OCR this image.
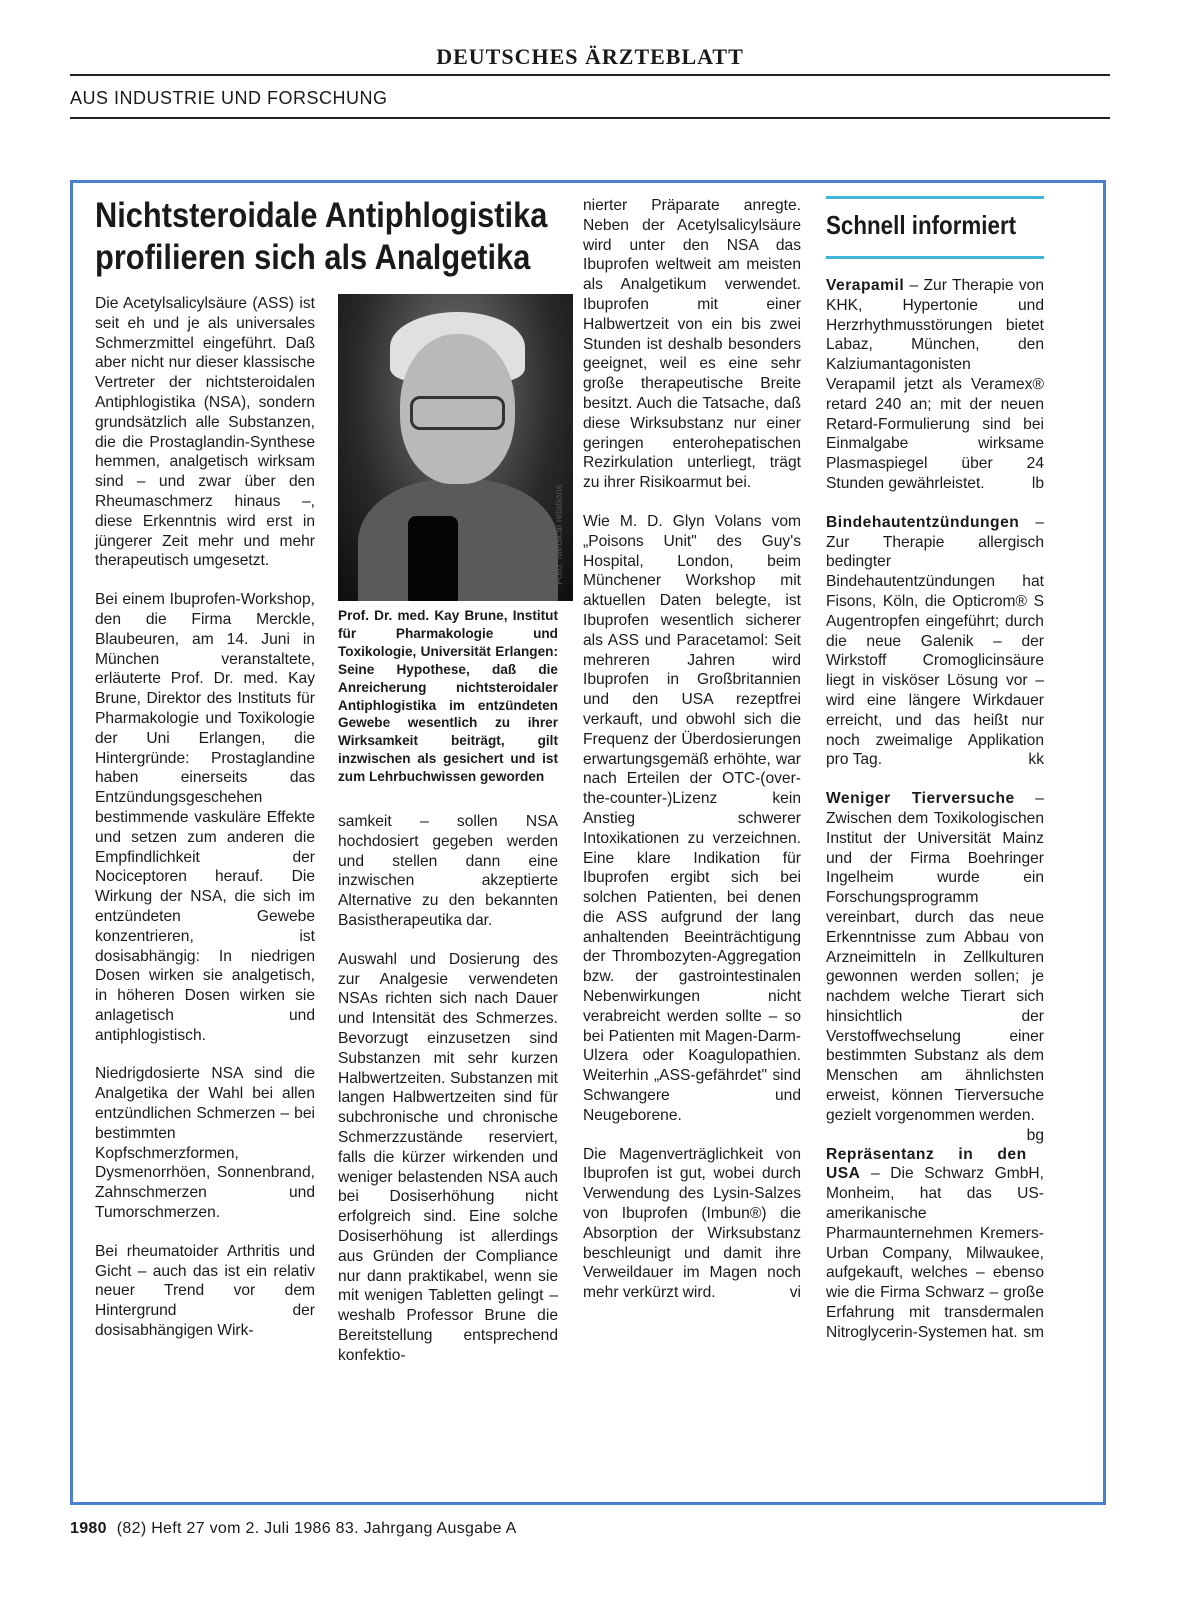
DEUTSCHES ÄRZTEBLATT
AUS INDUSTRIE UND FORSCHUNG
Nichtsteroidale Antiphlogistika profilieren sich als Analgetika

Die Acetylsalicylsäure (ASS) ist seit eh und je als universales Schmerzmittel eingeführt. Daß aber nicht nur dieser klassische Vertreter der nichtsteroidalen Antiphlogistika (NSA), sondern grundsätzlich alle Substanzen, die die Prostaglandin-Synthese hemmen, analgetisch wirksam sind – und zwar über den Rheumaschmerz hinaus –, diese Erkenntnis wird erst in jüngerer Zeit mehr und mehr therapeutisch umgesetzt.

Bei einem Ibuprofen-Workshop, den die Firma Merckle, Blaubeuren, am 14. Juni in München veranstaltete, erläuterte Prof. Dr. med. Kay Brune, Direktor des Instituts für Pharmakologie und Toxikologie der Uni Erlangen, die Hintergründe: Prostaglandine haben einerseits das Entzündungsgeschehen bestimmende vaskuläre Effekte und setzen zum anderen die Empfindlichkeit der Nociceptoren herauf. Die Wirkung der NSA, die sich im entzündeten Gewebe konzentrieren, ist dosisabhängig: In niedrigen Dosen wirken sie analgetisch, in höheren Dosen wirken sie anlagetisch und antiphlogistisch.

Niedrigdosierte NSA sind die Analgetika der Wahl bei allen entzündlichen Schmerzen – bei bestimmten Kopfschmerzformen, Dysmenorrhöen, Sonnenbrand, Zahnschmerzen und Tumorschmerzen.

Bei rheumatoider Arthritis und Gicht – auch das ist ein relativ neuer Trend vor dem Hintergrund der dosisabhängigen Wirk-

Foto: Medical relations
Prof. Dr. med. Kay Brune, Institut für Pharmakologie und Toxikologie, Universität Erlangen: Seine Hypothese, daß die Anreicherung nichtsteroidaler Antiphlogistika im entzündeten Gewebe wesentlich zu ihrer Wirksamkeit beiträgt, gilt inzwischen als gesichert und ist zum Lehrbuchwissen geworden

samkeit – sollen NSA hochdosiert gegeben werden und stellen dann eine inzwischen akzeptierte Alternative zu den bekannten Basistherapeutika dar.

Auswahl und Dosierung des zur Analgesie verwendeten NSAs richten sich nach Dauer und Intensität des Schmerzes. Bevorzugt einzusetzen sind Substanzen mit sehr kurzen Halbwertzeiten. Substanzen mit langen Halbwertzeiten sind für subchronische und chronische Schmerzzustände reserviert, falls die kürzer wirkenden und weniger belastenden NSA auch bei Dosiserhöhung nicht erfolgreich sind. Eine solche Dosiserhöhung ist allerdings aus Gründen der Compliance nur dann praktikabel, wenn sie mit wenigen Tabletten gelingt – weshalb Professor Brune die Bereitstellung entsprechend konfektio-

nierter Präparate anregte. Neben der Acetylsalicylsäure wird unter den NSA das Ibuprofen weltweit am meisten als Analgetikum verwendet. Ibuprofen mit einer Halbwertzeit von ein bis zwei Stunden ist deshalb besonders geeignet, weil es eine sehr große therapeutische Breite besitzt. Auch die Tatsache, daß diese Wirksubstanz nur einer geringen enterohepatischen Rezirkulation unterliegt, trägt zu ihrer Risikoarmut bei.

Wie M. D. Glyn Volans vom „Poisons Unit" des Guy's Hospital, London, beim Münchener Workshop mit aktuellen Daten belegte, ist Ibuprofen wesentlich sicherer als ASS und Paracetamol: Seit mehreren Jahren wird Ibuprofen in Großbritannien und den USA rezeptfrei verkauft, und obwohl sich die Frequenz der Überdosierungen erwartungsgemäß erhöhte, war nach Erteilen der OTC-(over-the-counter-)Lizenz kein Anstieg schwerer Intoxikationen zu verzeichnen. Eine klare Indikation für Ibuprofen ergibt sich bei solchen Patienten, bei denen die ASS aufgrund der lang anhaltenden Beeinträchtigung der Thrombozyten-Aggregation bzw. der gastrointestinalen Nebenwirkungen nicht verabreicht werden sollte – so bei Patienten mit Magen-Darm-Ulzera oder Koagulopathien. Weiterhin „ASS-gefährdet" sind Schwangere und Neugeborene.

Die Magenverträglichkeit von Ibuprofen ist gut, wobei durch Verwendung des Lysin-Salzes von Ibuprofen (Imbun®) die Absorption der Wirksubstanz beschleunigt und damit ihre Verweildauer im Magen noch mehr verkürzt wird.	vi

Schnell informiert
Verapamil – Zur Therapie von KHK, Hypertonie und Herzrhythmusstörungen bietet Labaz, München, den Kalziumantagonisten Verapamil jetzt als Veramex® retard 240 an; mit der neuen Retard-Formulierung sind bei Einmalgabe wirksame Plasmaspiegel über 24 Stunden gewährleistet.	lb
Bindehautentzündungen – Zur Therapie allergisch bedingter Bindehautentzündungen hat Fisons, Köln, die Opticrom® S Augentropfen eingeführt; durch die neue Galenik – der Wirkstoff Cromoglicinsäure liegt in visköser Lösung vor – wird eine längere Wirkdauer erreicht, und das heißt nur noch zweimalige Applikation pro Tag.	kk
Weniger Tierversuche – Zwischen dem Toxikologischen Institut der Universität Mainz und der Firma Boehringer Ingelheim wurde ein Forschungsprogramm vereinbart, durch das neue Erkenntnisse zum Abbau von Arzneimitteln in Zellkulturen gewonnen werden sollen; je nachdem welche Tierart sich hinsichtlich der Verstoffwechselung einer bestimmten Substanz als dem Menschen am ähnlichsten erweist, können Tierversuche gezielt vorgenommen werden.
bg
Repräsentanz in den USA – Die Schwarz GmbH, Monheim, hat das US-amerikanische Pharmaunternehmen Kremers-Urban Company, Milwaukee, aufgekauft, welches – ebenso wie die Firma Schwarz – große Erfahrung mit transdermalen Nitroglycerin-Systemen hat. sm
1980 (82) Heft 27 vom 2. Juli 1986 83. Jahrgang Ausgabe A
